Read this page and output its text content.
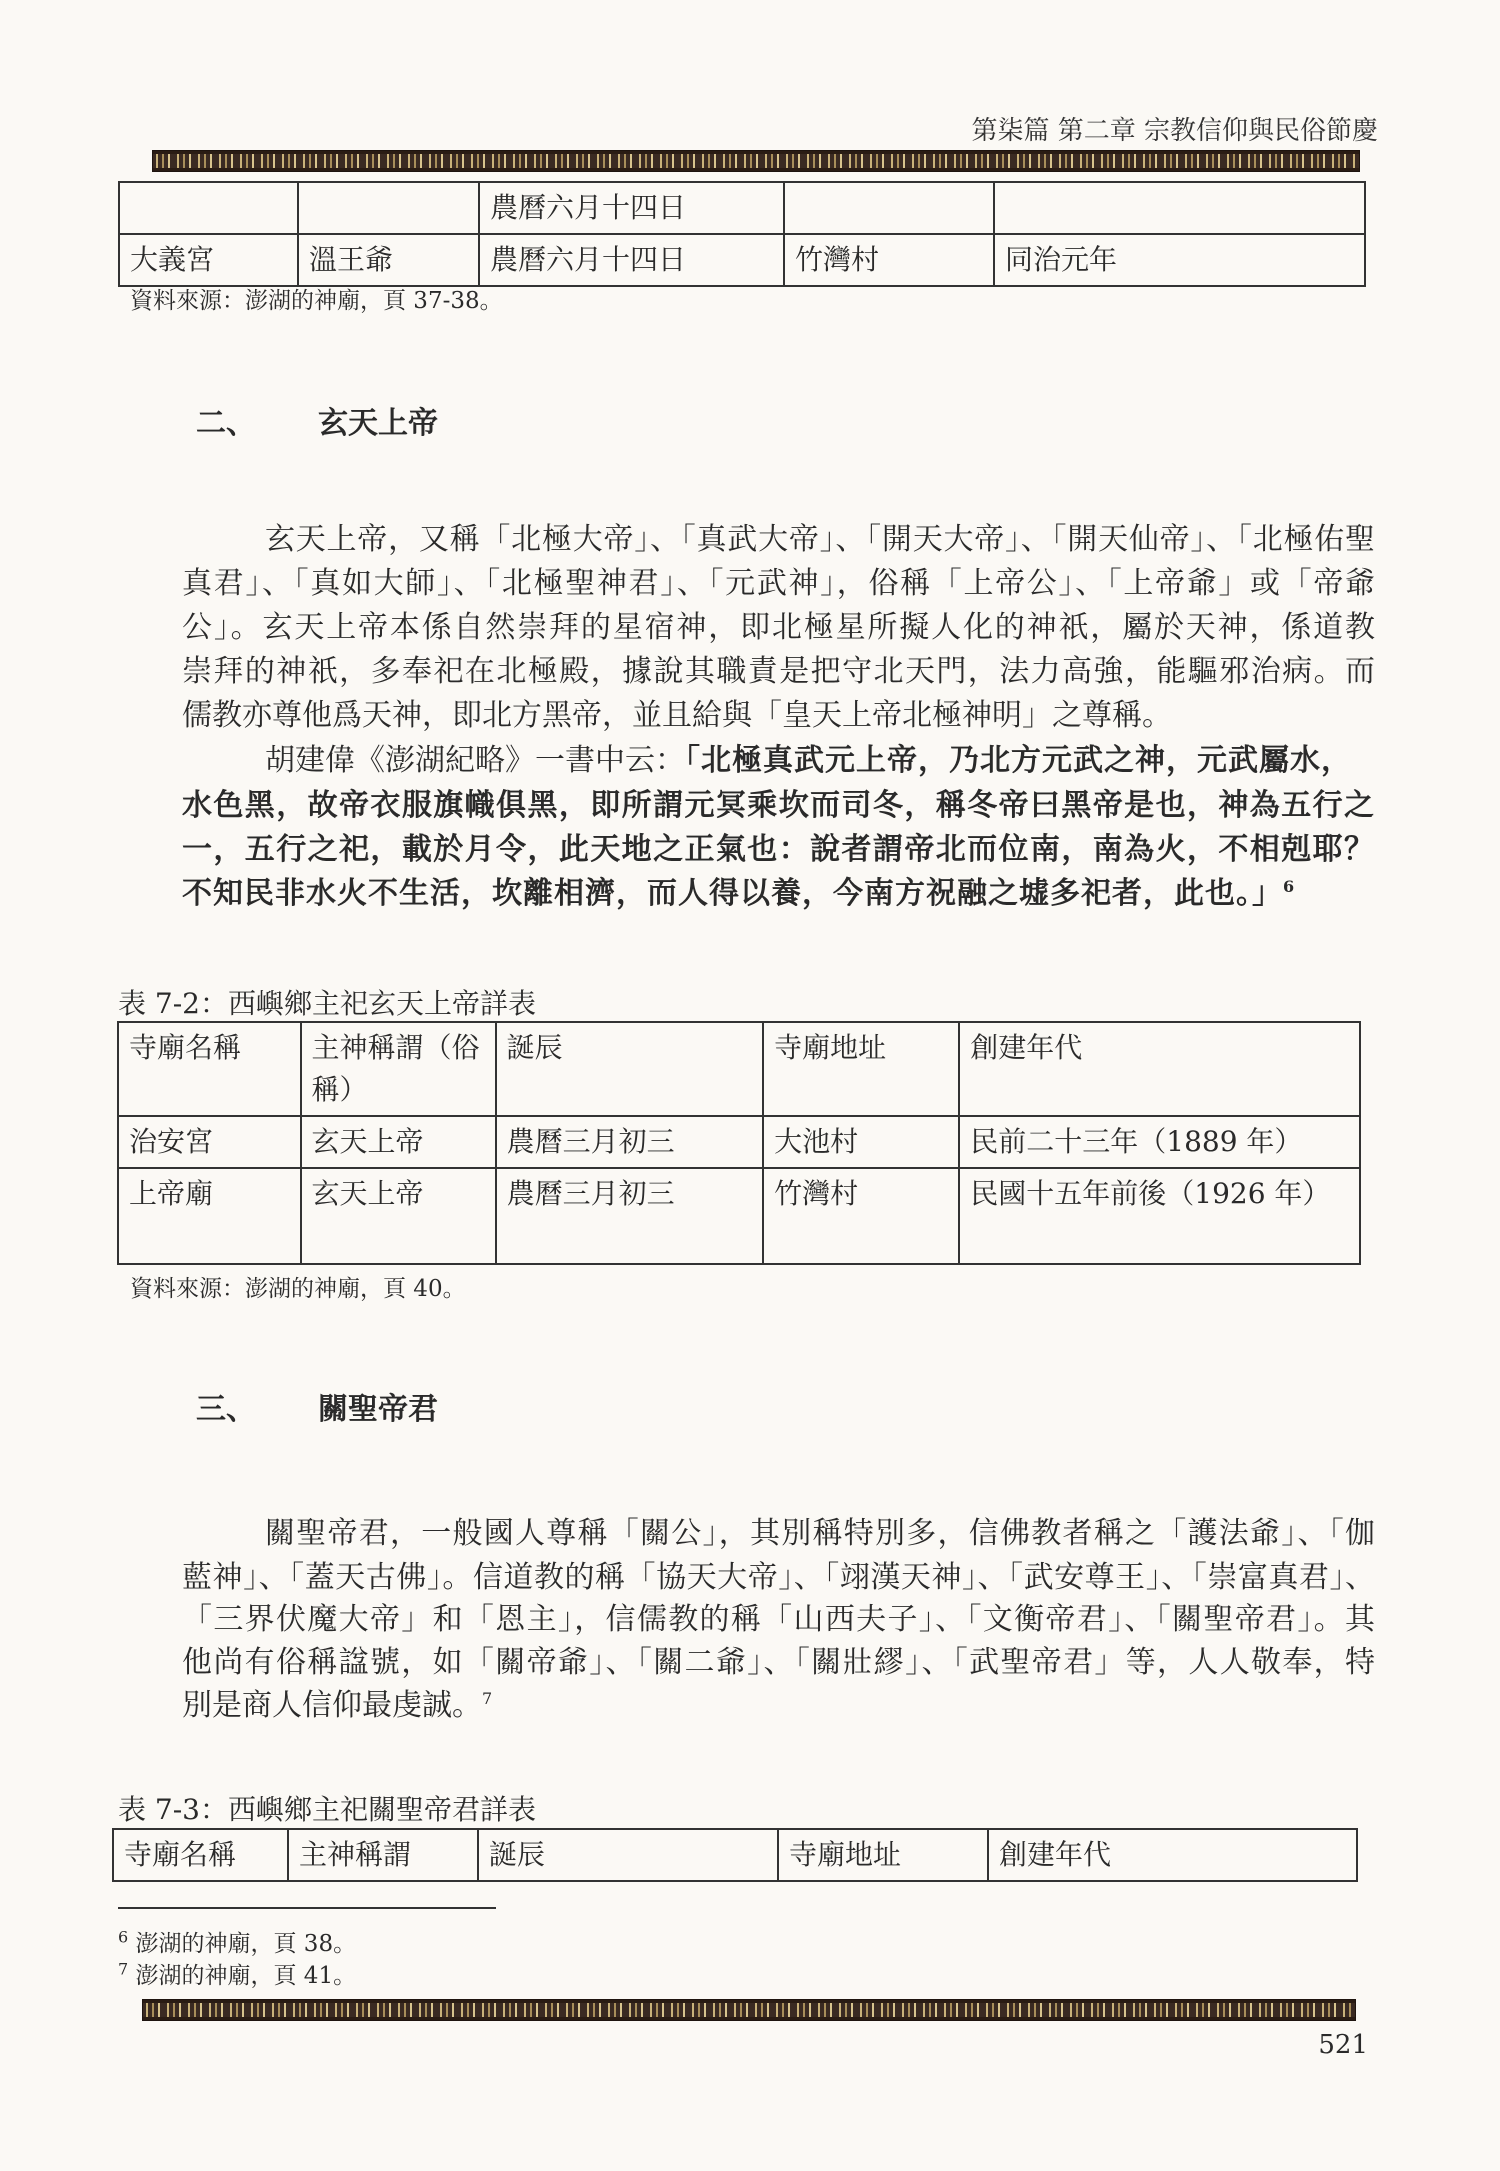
第柒篇 第二章 宗教信仰與民俗節慶
		農曆六月十四日		
大義宮	溫王爺	農曆六月十四日	竹灣村	同治元年
資料來源：澎湖的神廟，頁 37-38。
二、 玄天上帝
玄天上帝，又稱「北極大帝」、「真武大帝」、「開天大帝」、「開天仙帝」、「北極佑聖
真君」、「真如大師」、「北極聖神君」、「元武神」，俗稱「上帝公」、「上帝爺」或「帝爺
公」。玄天上帝本係自然崇拜的星宿神，即北極星所擬人化的神祇，屬於天神，係道教
崇拜的神祇，多奉祀在北極殿，據說其職責是把守北天門，法力高強，能驅邪治病。而
儒教亦尊他爲天神，即北方黑帝，並且給與「皇天上帝北極神明」之尊稱。
胡建偉《澎湖紀略》一書中云：「北極真武元上帝，乃北方元武之神，元武屬水，
水色黑，故帝衣服旗幟俱黑，即所謂元冥乘坎而司冬，稱冬帝曰黑帝是也，神為五行之
一，五行之祀，載於月令，此天地之正氣也：說者謂帝北而位南，南為火，不相剋耶？
不知民非水火不生活，坎離相濟，而人得以養，今南方祝融之墟多祀者，此也。」$^6$
表 7-2：西嶼鄉主祀玄天上帝詳表
寺廟名稱	主神稱謂（俗稱）	誕辰	寺廟地址	創建年代
治安宮	玄天上帝	農曆三月初三	大池村	民前二十三年（1889 年）
上帝廟	玄天上帝	農曆三月初三	竹灣村	民國十五年前後（1926 年）
資料來源：澎湖的神廟，頁 40。
三、 關聖帝君
關聖帝君，一般國人尊稱「關公」，其別稱特別多，信佛教者稱之「護法爺」、「伽
藍神」、「蓋天古佛」。信道教的稱「協天大帝」、「翊漢天神」、「武安尊王」、「崇富真君」、
「三界伏魔大帝」和「恩主」，信儒教的稱「山西夫子」、「文衡帝君」、「關聖帝君」。其
他尚有俗稱諡號，如「關帝爺」、「關二爺」、「關壯繆」、「武聖帝君」等，人人敬奉，特
別是商人信仰最虔誠。$^7$
表 7-3：西嶼鄉主祀關聖帝君詳表
寺廟名稱	主神稱謂	誕辰	寺廟地址	創建年代
$^6$ 澎湖的神廟，頁 38。
$^7$ 澎湖的神廟，頁 41。
521
